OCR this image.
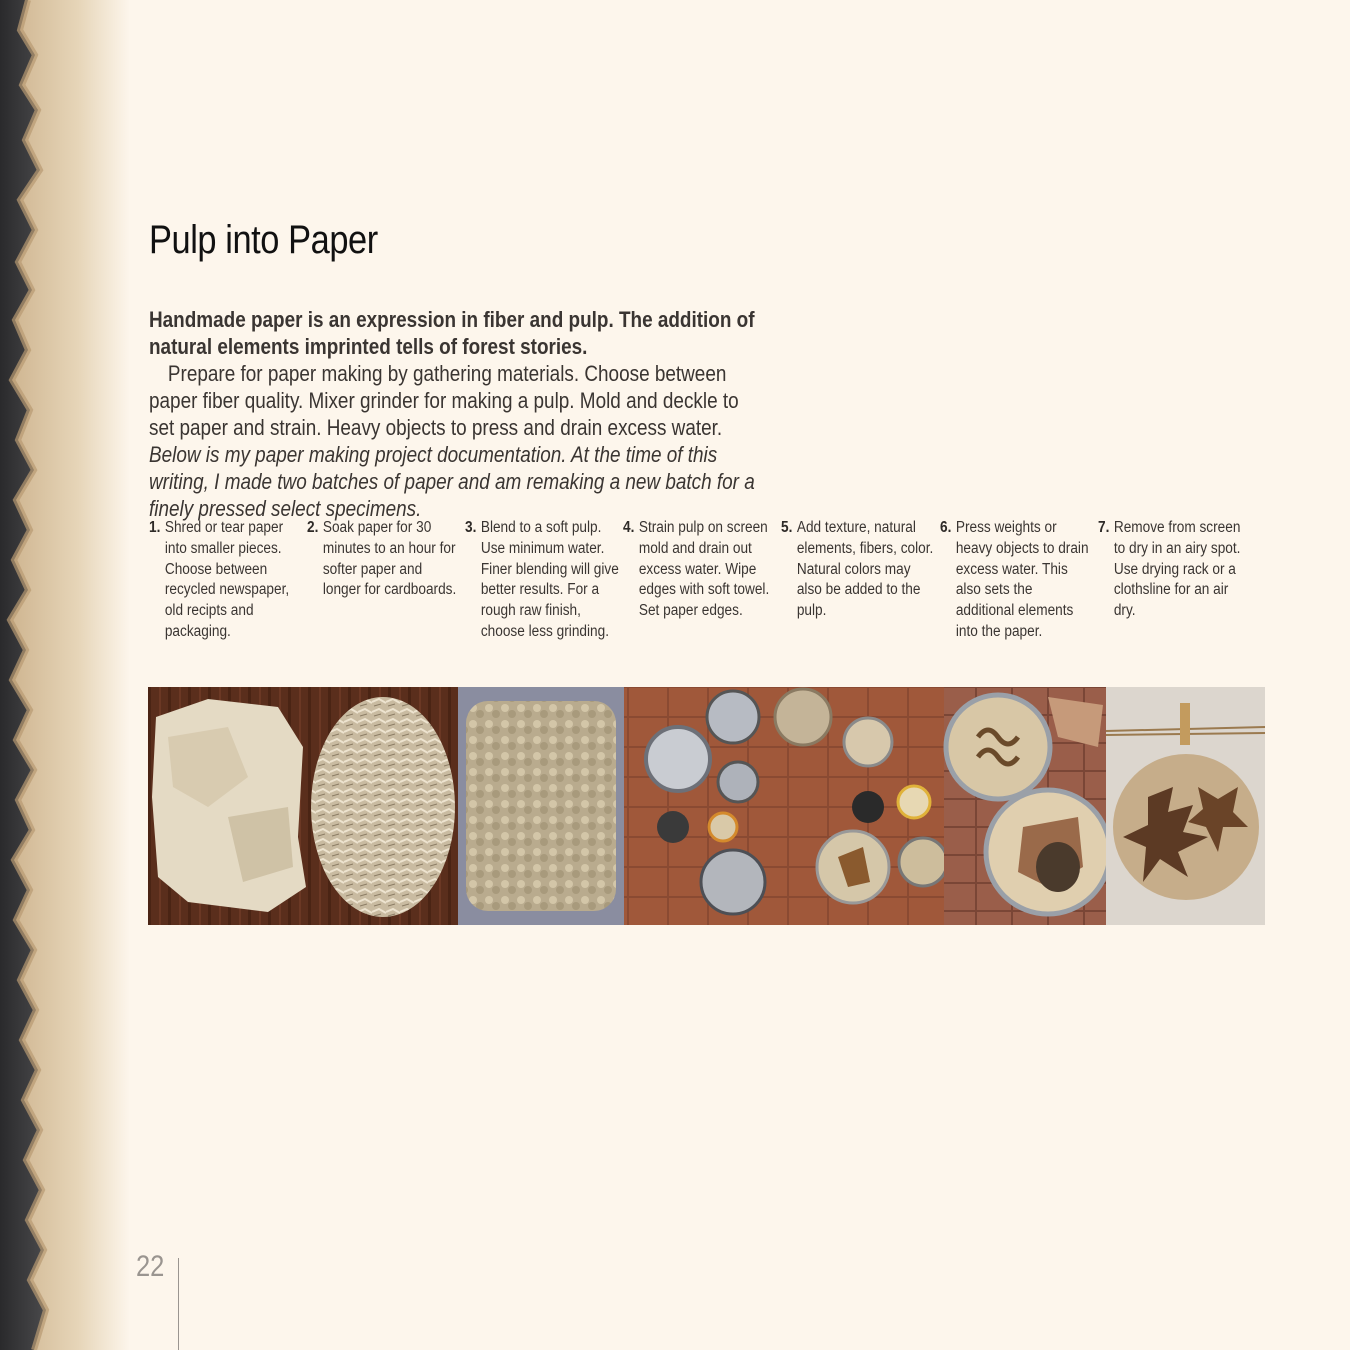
Pulp into Paper

Handmade paper is an expression in fiber and pulp. The addition of natural elements imprinted tells of forest stories.

Prepare for paper making by gathering materials. Choose between paper fiber quality. Mixer grinder for making a pulp. Mold and deckle to set paper and strain. Heavy objects to press and drain excess water. Below is my paper making project documentation. At the time of this writing, I made two batches of paper and am remaking a new batch for a finely pressed select specimens.

1. Shred or tear paper into smaller pieces. Choose between recycled newspaper, old recipts and packaging.
2. Soak paper for 30 minutes to an hour for softer paper and longer for cardboards.
3. Blend to a soft pulp. Use minimum water. Finer blending will give better results. For a rough raw finish, choose less grinding.
4. Strain pulp on screen mold and drain out excess water. Wipe edges with soft towel. Set paper edges.
5. Add texture, natural elements, fibers, color. Natural colors may also be added to the pulp.
6. Press weights or heavy objects to drain excess water. This also sets the additional elements into the paper.
7. Remove from screen to dry in an airy spot. Use drying rack or a clothsline for an air dry.
22
